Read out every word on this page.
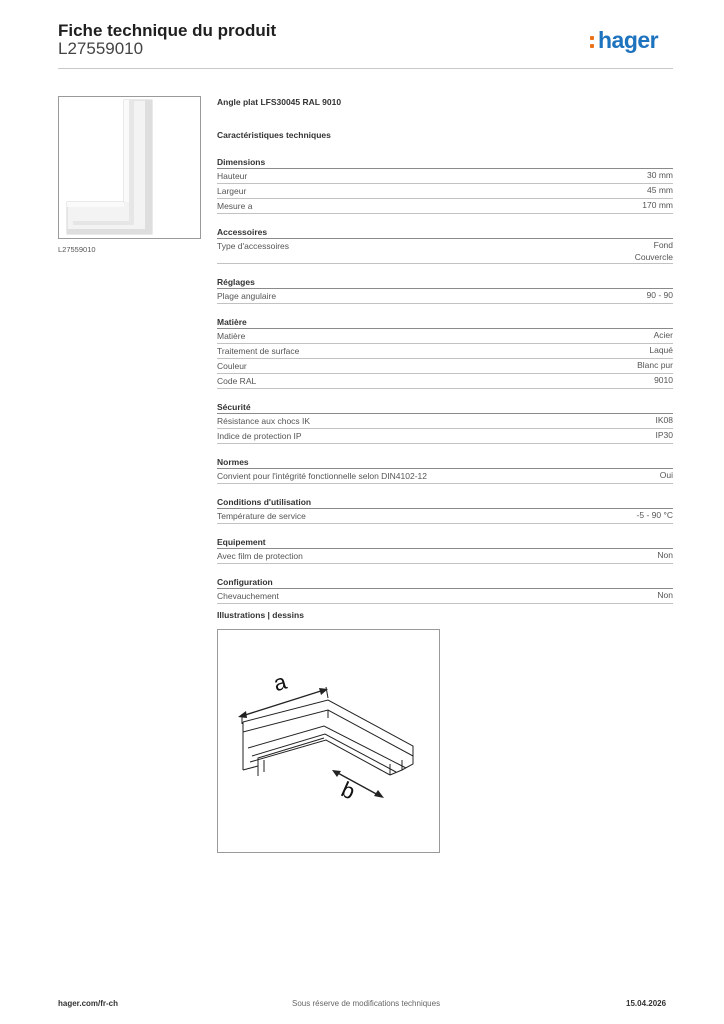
Fiche technique du produit
L27559010	hager
L27559010
Angle plat LFS30045 RAL 9010
Caractéristiques techniques
Dimensions
Hauteur	30 mm
Largeur	45 mm
Mesure a	170 mm
Accessoires
Type d'accessoires	Fond
Couvercle
Réglages
Plage angulaire	90 - 90
Matière
Matière	Acier
Traitement de surface	Laqué
Couleur	Blanc pur
Code RAL	9010
Sécurité
Résistance aux chocs IK	IK08
Indice de protection IP	IP30
Normes
Convient pour l'intégrité fonctionnelle selon DIN4102-12	Oui
Conditions d'utilisation
Température de service	-5 - 90 °C
Equipement
Avec film de protection	Non
Configuration
Chevauchement	Non
Illustrations | dessins
a
b
hager.com/fr-ch	Sous réserve de modifications techniques	15.04.2026
